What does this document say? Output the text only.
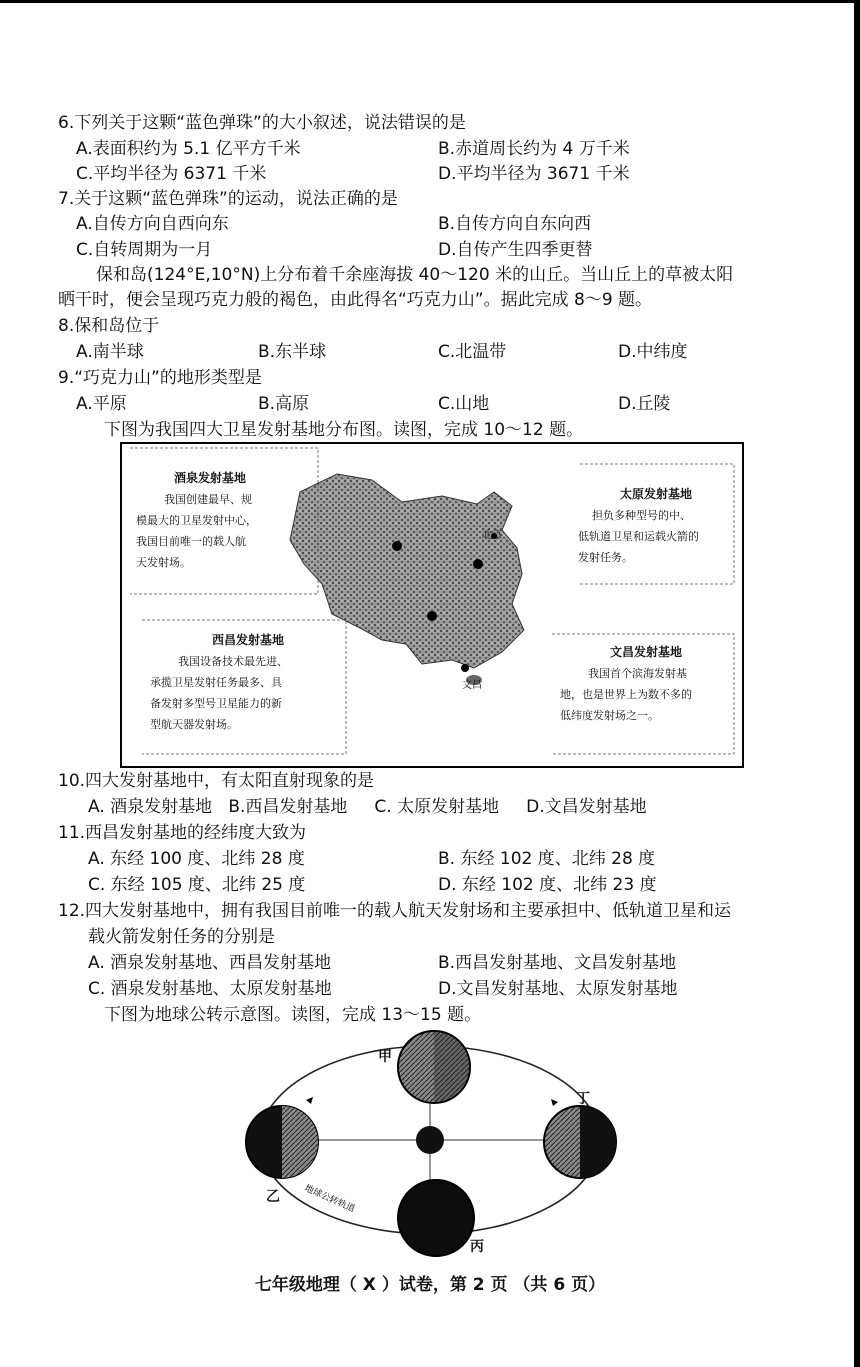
6.下列关于这颗“蓝色弹珠”的大小叙述，说法错误的是
A.表面积约为 5.1 亿平方千米	B.赤道周长约为 4 万千米
C.平均半径为 6371 千米	D.平均半径为 3671 千米
7.关于这颗“蓝色弹珠”的运动，说法正确的是
A.自传方向自西向东	B.自传方向自东向西
C.自转周期为一月	D.自传产生四季更替
保和岛(124°E,10°N)上分布着千余座海拔 40～120 米的山丘。当山丘上的草被太阳
晒干时，便会呈现巧克力般的褐色，由此得名“巧克力山”。据此完成 8～9 题。
8.保和岛位于
A.南半球	B.东半球	C.北温带	D.中纬度
9.“巧克力山”的地形类型是
A.平原	B.高原	C.山地	D.丘陵
下图为我国四大卫星发射基地分布图。读图，完成 10～12 题。
北京
文昌
酒泉发射基地
我国创建最早、规
模最大的卫星发射中心，
我国目前唯一的载人航
天发射场。
太原发射基地
担负多种型号的中、
低轨道卫星和运载火箭的
发射任务。
西昌发射基地
我国设备技术最先进、
承揽卫星发射任务最多、具
备发射多型号卫星能力的新
型航天器发射场。
文昌发射基地
我国首个滨海发射基
地，也是世界上为数不多的
低纬度发射场之一。
10.四大发射基地中，有太阳直射现象的是
A. 酒泉发射基地   B.西昌发射基地     C. 太原发射基地     D.文昌发射基地
11.西昌发射基地的经纬度大致为
A. 东经 100 度、北纬 28 度	B. 东经 102 度、北纬 28 度
C. 东经 105 度、北纬 25 度	D. 东经 102 度、北纬 23 度
12.四大发射基地中，拥有我国目前唯一的载人航天发射场和主要承担中、低轨道卫星和运
载火箭发射任务的分别是
A. 酒泉发射基地、西昌发射基地	B.西昌发射基地、文昌发射基地
C. 酒泉发射基地、太原发射基地	D.文昌发射基地、太原发射基地
下图为地球公转示意图。读图，完成 13～15 题。
地球公转轨道
甲
乙
丙
丁
七年级地理（ X ）试卷，第 2 页 （共 6 页）
